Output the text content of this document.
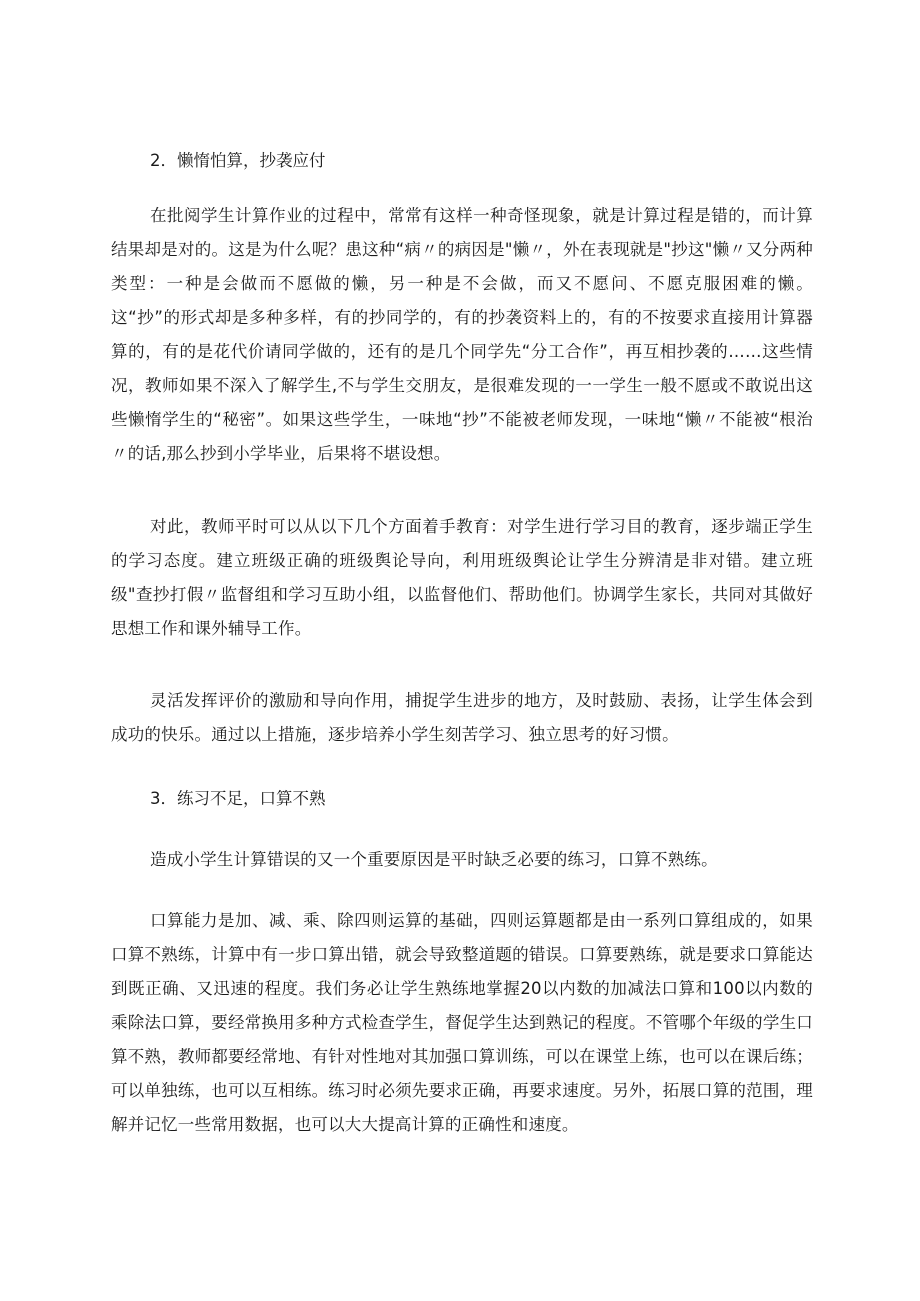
2．懒惰怕算，抄袭应付

在批阅学生计算作业的过程中，常常有这样一种奇怪现象，就是计算过程是错的，而计算结果却是对的。这是为什么呢？患这种“病〃的病因是"懒〃，外在表现就是"抄这"懒〃又分两种类型：一种是会做而不愿做的懒，另一种是不会做，而又不愿问、不愿克服困难的懒。这“抄”的形式却是多种多样，有的抄同学的，有的抄袭资料上的，有的不按要求直接用计算器算的，有的是花代价请同学做的，还有的是几个同学先“分工合作”，再互相抄袭的……这些情况，教师如果不深入了解学生,不与学生交朋友，是很难发现的一一学生一般不愿或不敢说出这些懒惰学生的“秘密”。如果这些学生，一味地“抄”不能被老师发现，一味地“懒〃不能被“根治〃的话,那么抄到小学毕业，后果将不堪设想。

对此，教师平时可以从以下几个方面着手教育：对学生进行学习目的教育，逐步端正学生的学习态度。建立班级正确的班级舆论导向，利用班级舆论让学生分辨清是非对错。建立班级"查抄打假〃监督组和学习互助小组，以监督他们、帮助他们。协调学生家长，共同对其做好思想工作和课外辅导工作。

灵活发挥评价的激励和导向作用，捕捉学生进步的地方，及时鼓励、表扬，让学生体会到成功的快乐。通过以上措施，逐步培养小学生刻苦学习、独立思考的好习惯。

3．练习不足，口算不熟

造成小学生计算错误的又一个重要原因是平时缺乏必要的练习，口算不熟练。

口算能力是加、减、乘、除四则运算的基础，四则运算题都是由一系列口算组成的，如果口算不熟练，计算中有一步口算出错，就会导致整道题的错误。口算要熟练，就是要求口算能达到既正确、又迅速的程度。我们务必让学生熟练地掌握20以内数的加减法口算和100以内数的乘除法口算，要经常换用多种方式检查学生，督促学生达到熟记的程度。不管哪个年级的学生口算不熟，教师都要经常地、有针对性地对其加强口算训练，可以在课堂上练，也可以在课后练；可以单独练，也可以互相练。练习时必须先要求正确，再要求速度。另外，拓展口算的范围，理解并记忆一些常用数据，也可以大大提高计算的正确性和速度。
